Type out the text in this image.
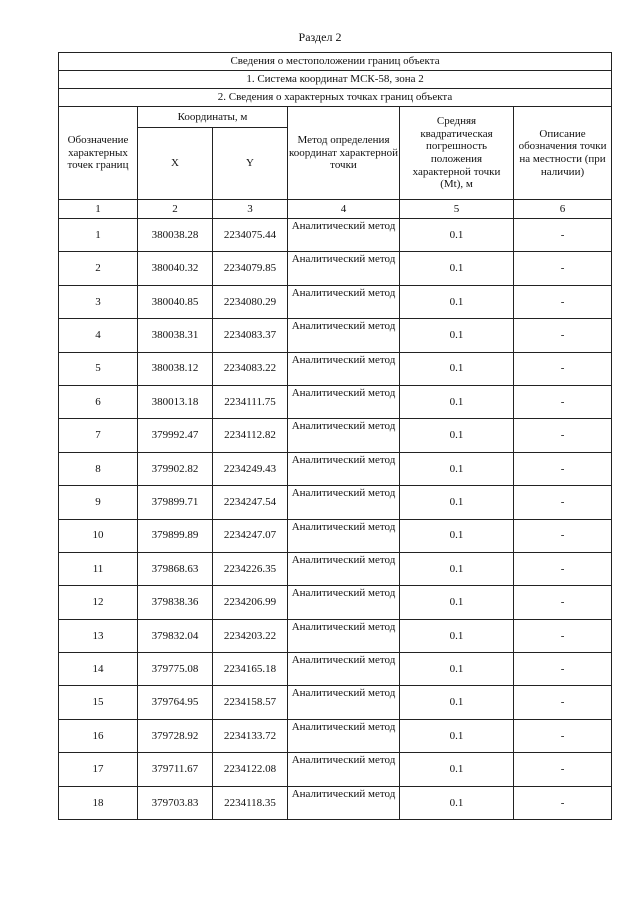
Раздел 2
Сведения о местоположении границ объекта					
1. Система координат МСК-58, зона 2					
2. Сведения о характерных точках границ объекта					
Обозначение характерных точек границ	Координаты, м		Метод определения координат характерной точки	Средняя квадратическая погрешность положения характерной точки (Mt), м	Описание обозначения точки на местности (при наличии)
	X	Y			
1	2	3	4	5	6
1	380038.28	2234075.44	Аналитический метод	0.1	-
2	380040.32	2234079.85	Аналитический метод	0.1	-
3	380040.85	2234080.29	Аналитический метод	0.1	-
4	380038.31	2234083.37	Аналитический метод	0.1	-
5	380038.12	2234083.22	Аналитический метод	0.1	-
6	380013.18	2234111.75	Аналитический метод	0.1	-
7	379992.47	2234112.82	Аналитический метод	0.1	-
8	379902.82	2234249.43	Аналитический метод	0.1	-
9	379899.71	2234247.54	Аналитический метод	0.1	-
10	379899.89	2234247.07	Аналитический метод	0.1	-
11	379868.63	2234226.35	Аналитический метод	0.1	-
12	379838.36	2234206.99	Аналитический метод	0.1	-
13	379832.04	2234203.22	Аналитический метод	0.1	-
14	379775.08	2234165.18	Аналитический метод	0.1	-
15	379764.95	2234158.57	Аналитический метод	0.1	-
16	379728.92	2234133.72	Аналитический метод	0.1	-
17	379711.67	2234122.08	Аналитический метод	0.1	-
18	379703.83	2234118.35	Аналитический метод	0.1	-
